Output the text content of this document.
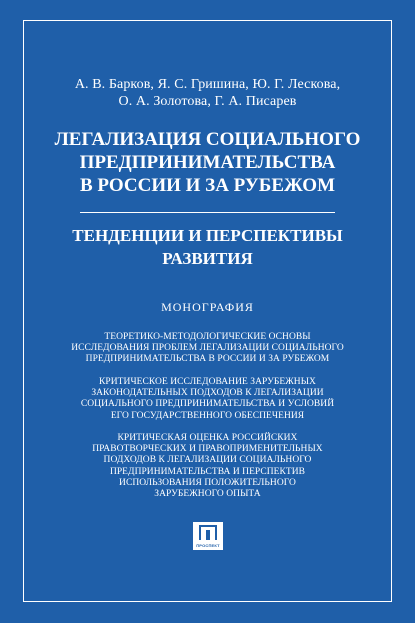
А. В. Барков, Я. С. Гришина, Ю. Г. Лескова,
О. А. Золотова, Г. А. Писарев
ЛЕГАЛИЗАЦИЯ СОЦИАЛЬНОГО
ПРЕДПРИНИМАТЕЛЬСТВА
В РОССИИ И ЗА РУБЕЖОМ
ТЕНДЕНЦИИ И ПЕРСПЕКТИВЫ
РАЗВИТИЯ
МОНОГРАФИЯ
ТЕОРЕТИКО-МЕТОДОЛОГИЧЕСКИЕ ОСНОВЫ
ИССЛЕДОВАНИЯ ПРОБЛЕМ ЛЕГАЛИЗАЦИИ СОЦИАЛЬНОГО
ПРЕДПРИНИМАТЕЛЬСТВА В РОССИИ И ЗА РУБЕЖОМ
КРИТИЧЕСКОЕ ИССЛЕДОВАНИЕ ЗАРУБЕЖНЫХ
ЗАКОНОДАТЕЛЬНЫХ ПОДХОДОВ К ЛЕГАЛИЗАЦИИ
СОЦИАЛЬНОГО ПРЕДПРИНИМАТЕЛЬСТВА И УСЛОВИЙ
ЕГО ГОСУДАРСТВЕННОГО ОБЕСПЕЧЕНИЯ
КРИТИЧЕСКАЯ ОЦЕНКА РОССИЙСКИХ
ПРАВОТВОРЧЕСКИХ И ПРАВОПРИМЕНИТЕЛЬНЫХ
ПОДХОДОВ К ЛЕГАЛИЗАЦИИ СОЦИАЛЬНОГО
ПРЕДПРИНИМАТЕЛЬСТВА И ПЕРСПЕКТИВ
ИСПОЛЬЗОВАНИЯ ПОЛОЖИТЕЛЬНОГО
ЗАРУБЕЖНОГО ОПЫТА
ПРОСПЕКТ
